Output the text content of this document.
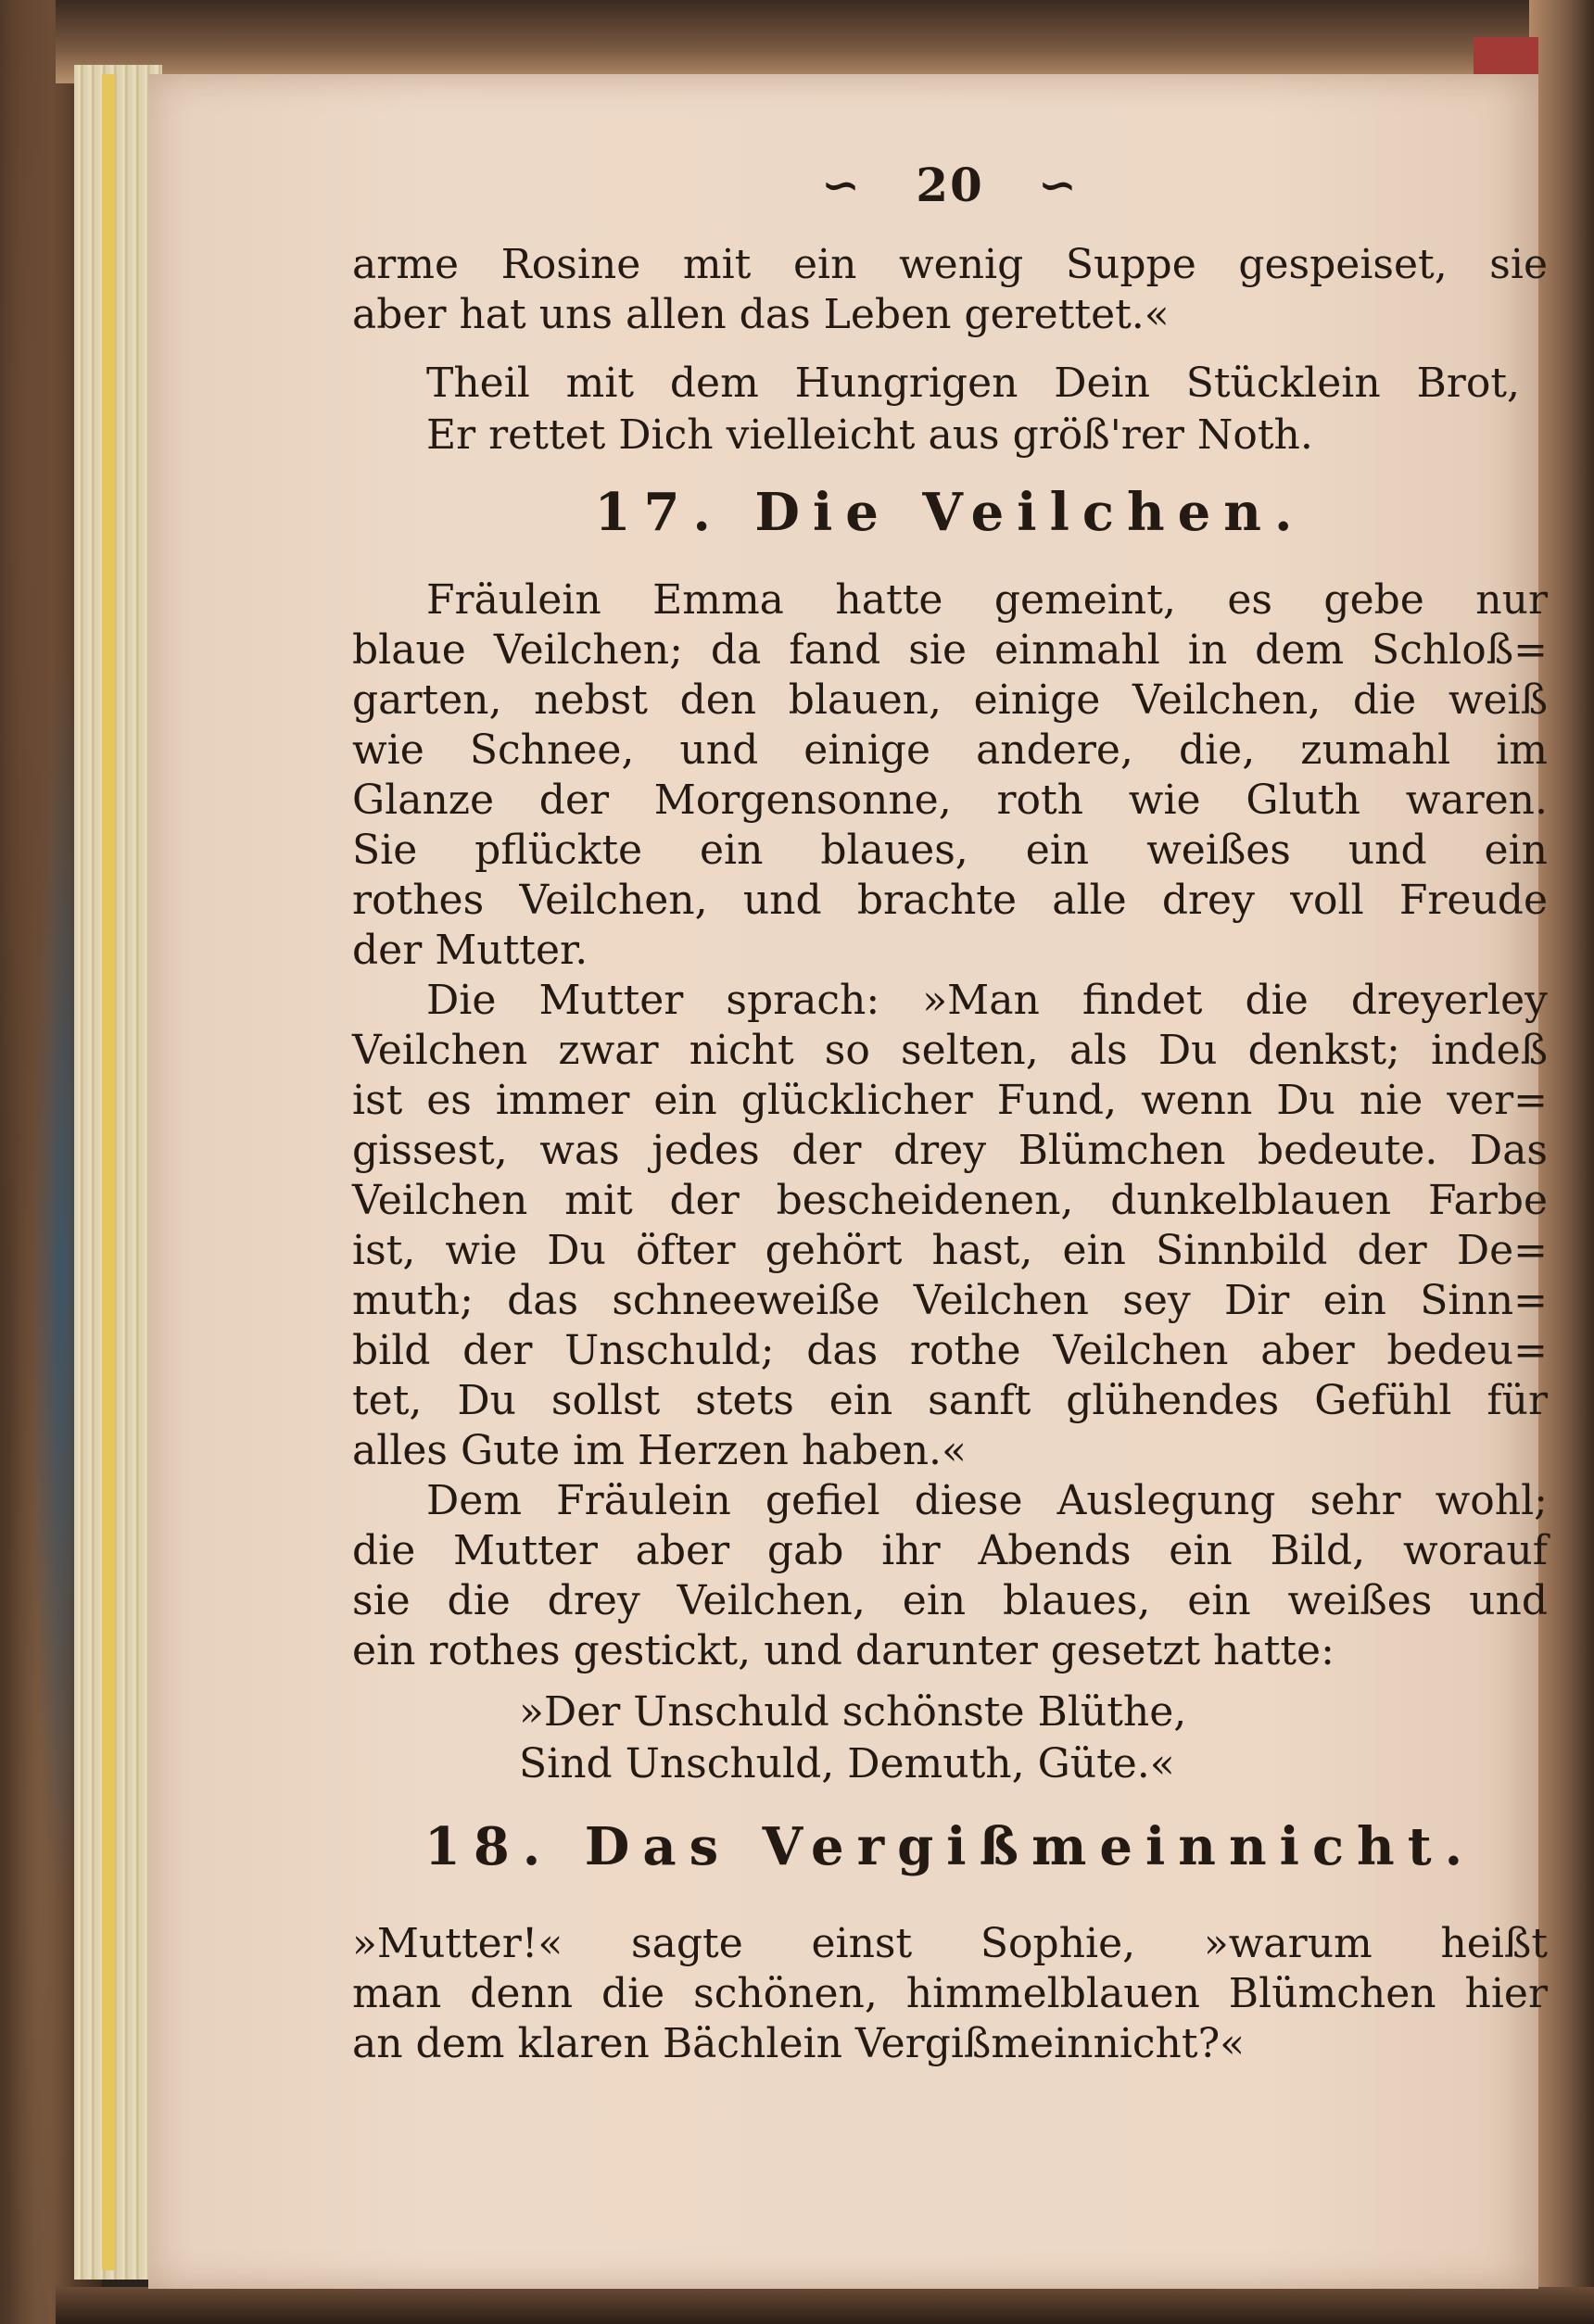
∽ 20 ∽
arme Rosine mit ein wenig Suppe gespeiset, sie
aber hat uns allen das Leben gerettet.«
Theil mit dem Hungrigen Dein Stücklein Brot,
Er rettet Dich vielleicht aus größ'rer Noth.
17. Die Veilchen.
Fräulein Emma hatte gemeint, es gebe nur
blaue Veilchen; da fand sie einmahl in dem Schloß=
garten, nebst den blauen, einige Veilchen, die weiß
wie Schnee, und einige andere, die, zumahl im
Glanze der Morgensonne, roth wie Gluth waren.
Sie pflückte ein blaues, ein weißes und ein
rothes Veilchen, und brachte alle drey voll Freude
der Mutter.
Die Mutter sprach: »Man findet die dreyerley
Veilchen zwar nicht so selten, als Du denkst; indeß
ist es immer ein glücklicher Fund, wenn Du nie ver=
gissest, was jedes der drey Blümchen bedeute. Das
Veilchen mit der bescheidenen, dunkelblauen Farbe
ist, wie Du öfter gehört hast, ein Sinnbild der De=
muth; das schneeweiße Veilchen sey Dir ein Sinn=
bild der Unschuld; das rothe Veilchen aber bedeu=
tet, Du sollst stets ein sanft glühendes Gefühl für
alles Gute im Herzen haben.«
Dem Fräulein gefiel diese Auslegung sehr wohl;
die Mutter aber gab ihr Abends ein Bild, worauf
sie die drey Veilchen, ein blaues, ein weißes und
ein rothes gestickt, und darunter gesetzt hatte:
»Der Unschuld schönste Blüthe,
Sind Unschuld, Demuth, Güte.«
18. Das Vergißmeinnicht.
»Mutter!« sagte einst Sophie, »warum heißt
man denn die schönen, himmelblauen Blümchen hier
an dem klaren Bächlein Vergißmeinnicht?«
